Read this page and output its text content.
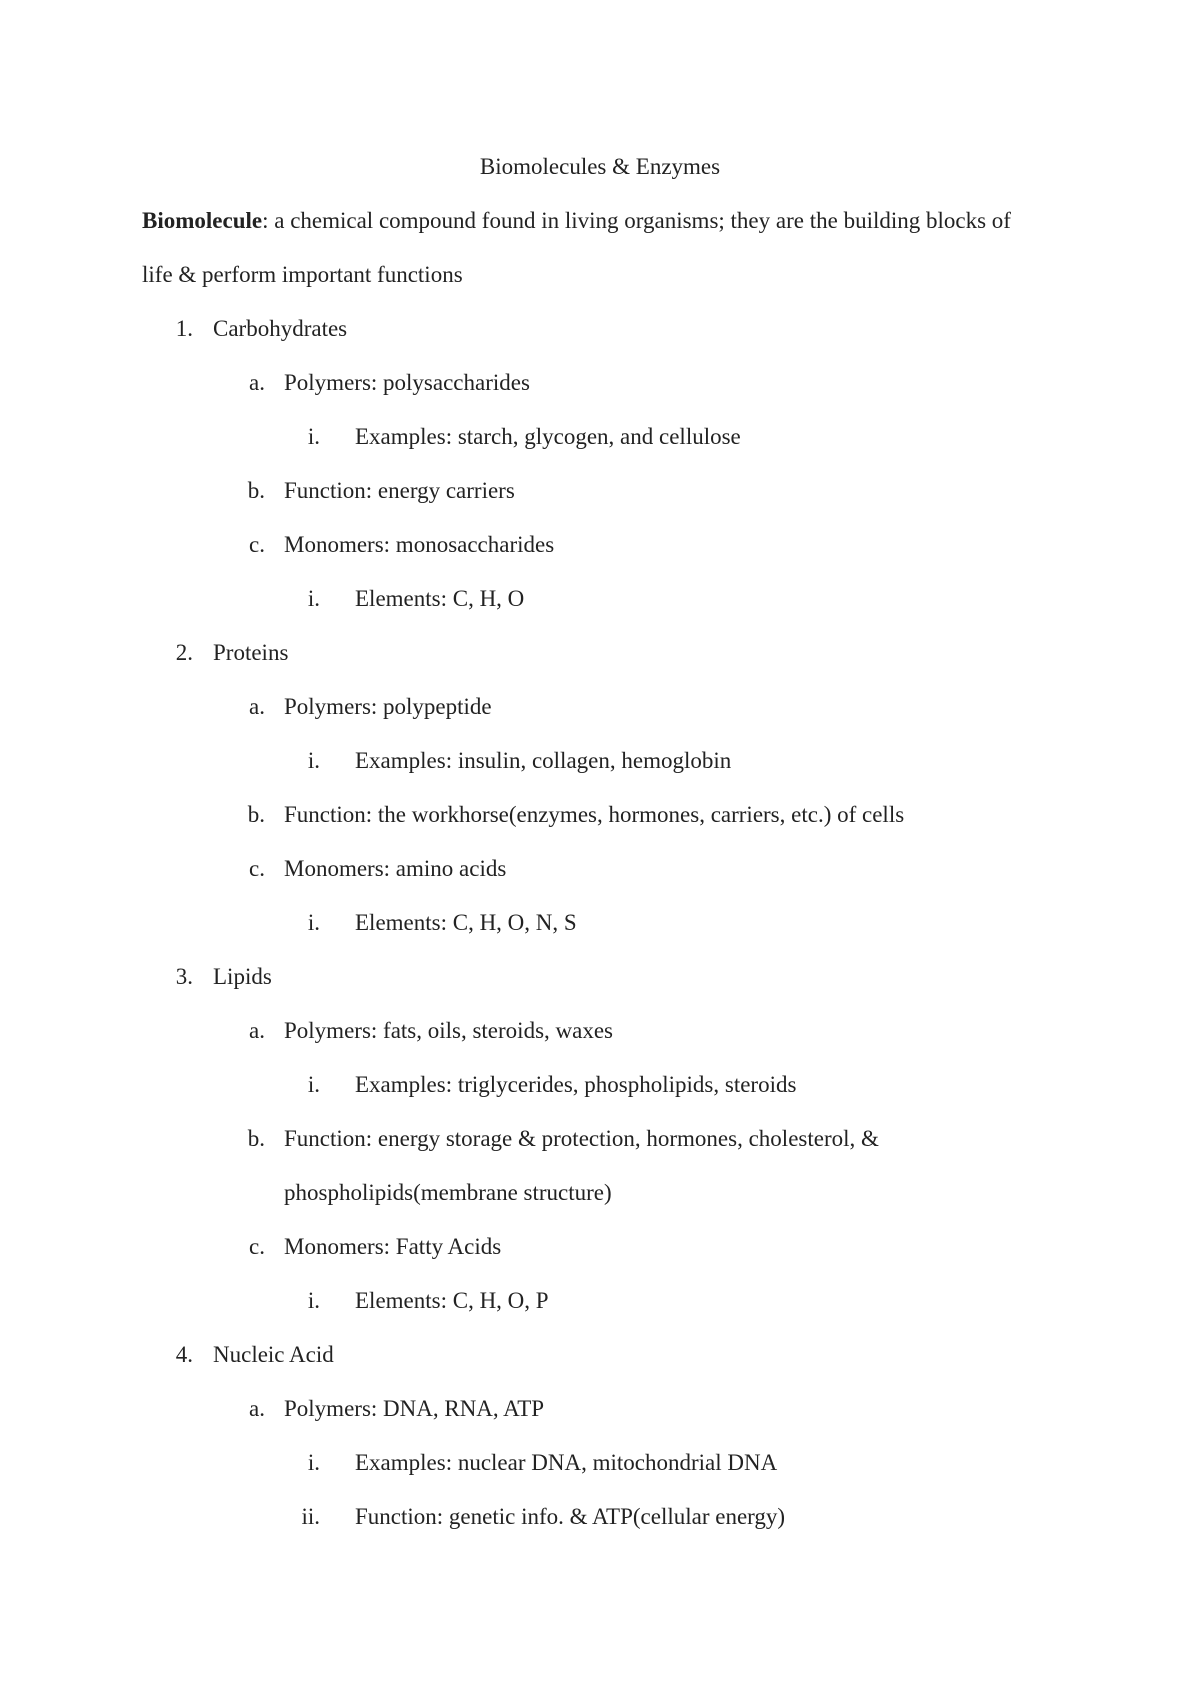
Biomolecules & Enzymes
Biomolecule: a chemical compound found in living organisms; they are the building blocks of
life & perform important functions
1. Carbohydrates
a. Polymers: polysaccharides
i. Examples: starch, glycogen, and cellulose
b. Function: energy carriers
c. Monomers: monosaccharides
i. Elements: C, H, O
2. Proteins
a. Polymers: polypeptide
i. Examples: insulin, collagen, hemoglobin
b. Function: the workhorse(enzymes, hormones, carriers, etc.) of cells
c. Monomers: amino acids
i. Elements: C, H, O, N, S
3. Lipids
a. Polymers: fats, oils, steroids, waxes
i. Examples: triglycerides, phospholipids, steroids
b. Function: energy storage & protection, hormones, cholesterol, &
phospholipids(membrane structure)
c. Monomers: Fatty Acids
i. Elements: C, H, O, P
4. Nucleic Acid
a. Polymers: DNA, RNA, ATP
i. Examples: nuclear DNA, mitochondrial DNA
ii. Function: genetic info. & ATP(cellular energy)
